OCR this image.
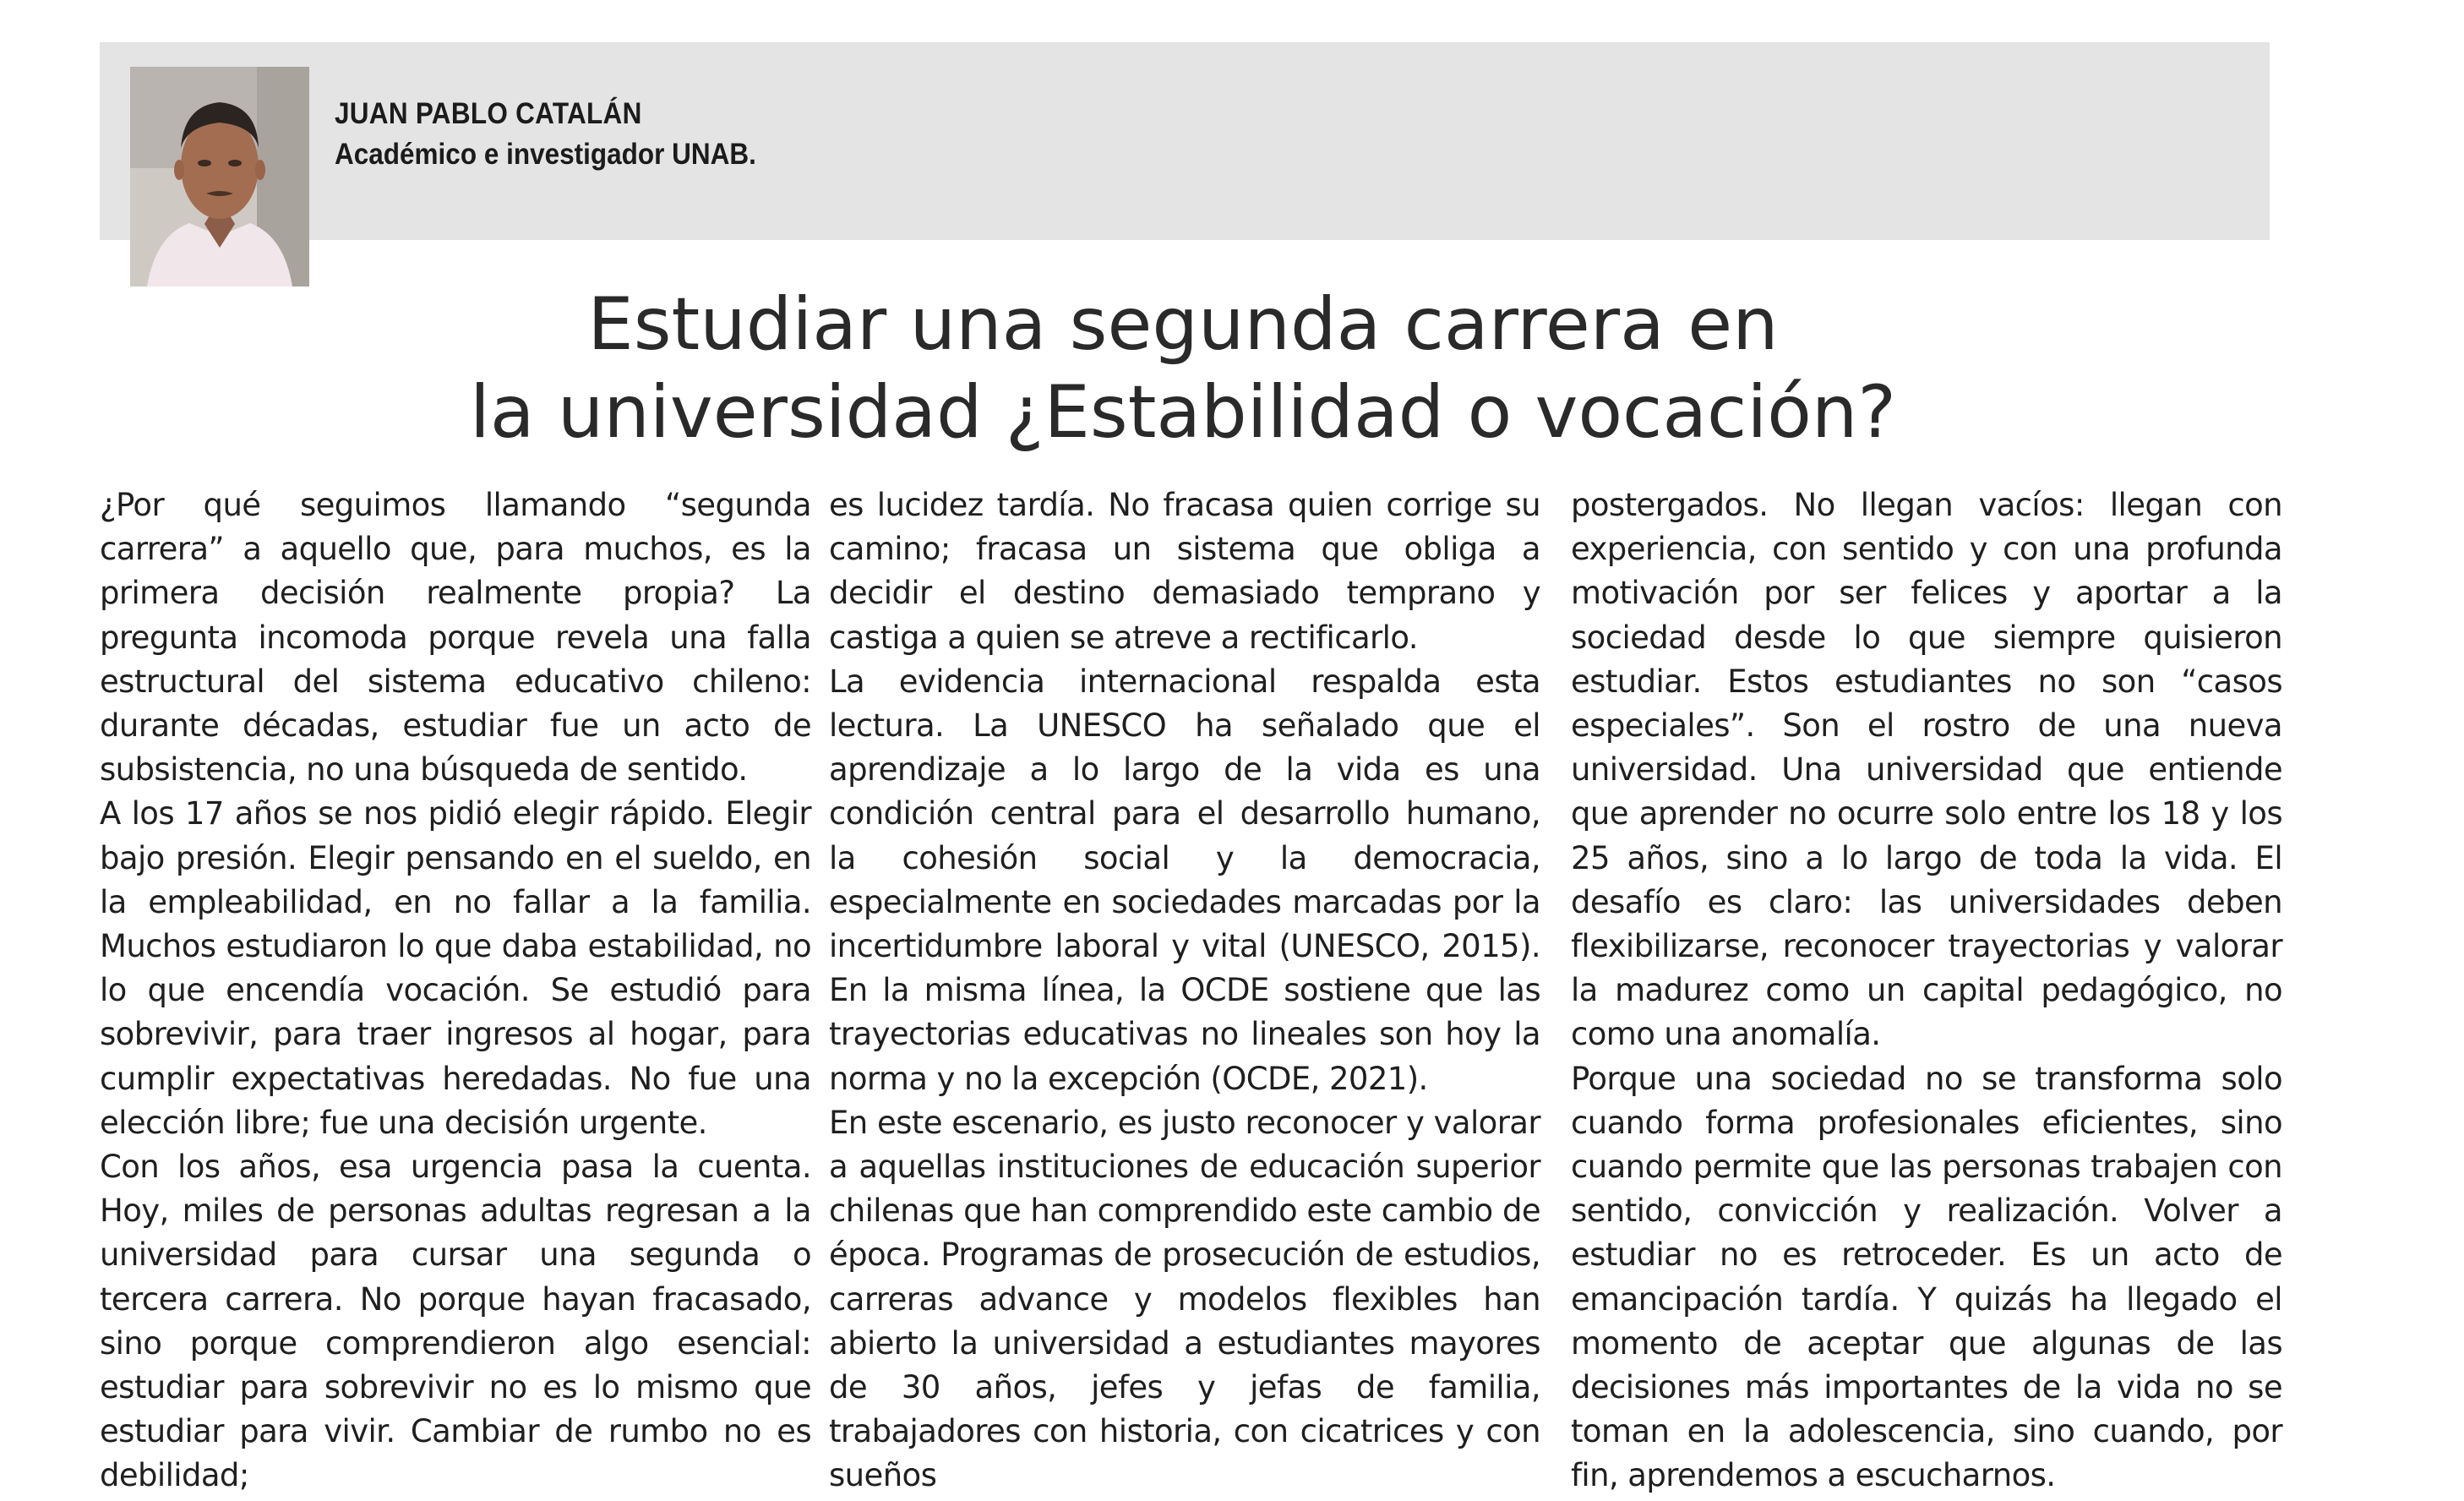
JUAN PABLO CATALÁN
Académico e investigador UNAB.
Estudiar una segunda carrera en
la universidad ¿Estabilidad o vocación?

¿Por qué seguimos llamando “segunda carrera” a aquello que, para muchos, es la primera decisión realmente propia? La pregunta incomoda porque revela una falla estructural del sistema educativo chileno: durante décadas, estudiar fue un acto de subsistencia, no una búsqueda de sentido.

A los 17 años se nos pidió elegir rápido. Elegir bajo presión. Elegir pensando en el sueldo, en la empleabilidad, en no fallar a la familia. Muchos estudiaron lo que daba estabilidad, no lo que encendía vocación. Se estudió para sobrevivir, para traer ingresos al hogar, para cumplir expectativas heredadas. No fue una elección libre; fue una decisión urgente.

Con los años, esa urgencia pasa la cuenta. Hoy, miles de personas adultas regresan a la universidad para cursar una segunda o tercera carrera. No porque hayan fracasado, sino porque comprendieron algo esencial: estudiar para sobrevivir no es lo mismo que estudiar para vivir. Cambiar de rumbo no es debilidad;

es lucidez tardía. No fracasa quien corrige su camino; fracasa un sistema que obliga a decidir el destino demasiado temprano y castiga a quien se atreve a rectificarlo.

La evidencia internacional respalda esta lectura. La UNESCO ha señalado que el aprendizaje a lo largo de la vida es una condición central para el desarrollo humano, la cohesión social y la democracia, especialmente en sociedades marcadas por la incertidumbre laboral y vital (UNESCO, 2015). En la misma línea, la OCDE sostiene que las trayectorias educativas no lineales son hoy la norma y no la excepción (OCDE, 2021).

En este escenario, es justo reconocer y valorar a aquellas instituciones de educación superior chilenas que han comprendido este cambio de época. Programas de prosecución de estudios, carreras advance y modelos flexibles han abierto la universidad a estudiantes mayores de 30 años, jefes y jefas de familia, trabajadores con historia, con cicatrices y con sueños

postergados. No llegan vacíos: llegan con experiencia, con sentido y con una profunda motivación por ser felices y aportar a la sociedad desde lo que siempre quisieron estudiar. Estos estudiantes no son “casos especiales”. Son el rostro de una nueva universidad. Una universidad que entiende que aprender no ocurre solo entre los 18 y los 25 años, sino a lo largo de toda la vida. El desafío es claro: las universidades deben flexibilizarse, reconocer trayectorias y valorar la madurez como un capital pedagógico, no como una anomalía.

Porque una sociedad no se transforma solo cuando forma profesionales eficientes, sino cuando permite que las personas trabajen con sentido, convicción y realización. Volver a estudiar no es retroceder. Es un acto de emancipación tardía. Y quizás ha llegado el momento de aceptar que algunas de las decisiones más importantes de la vida no se toman en la adolescencia, sino cuando, por fin, aprendemos a escucharnos.
